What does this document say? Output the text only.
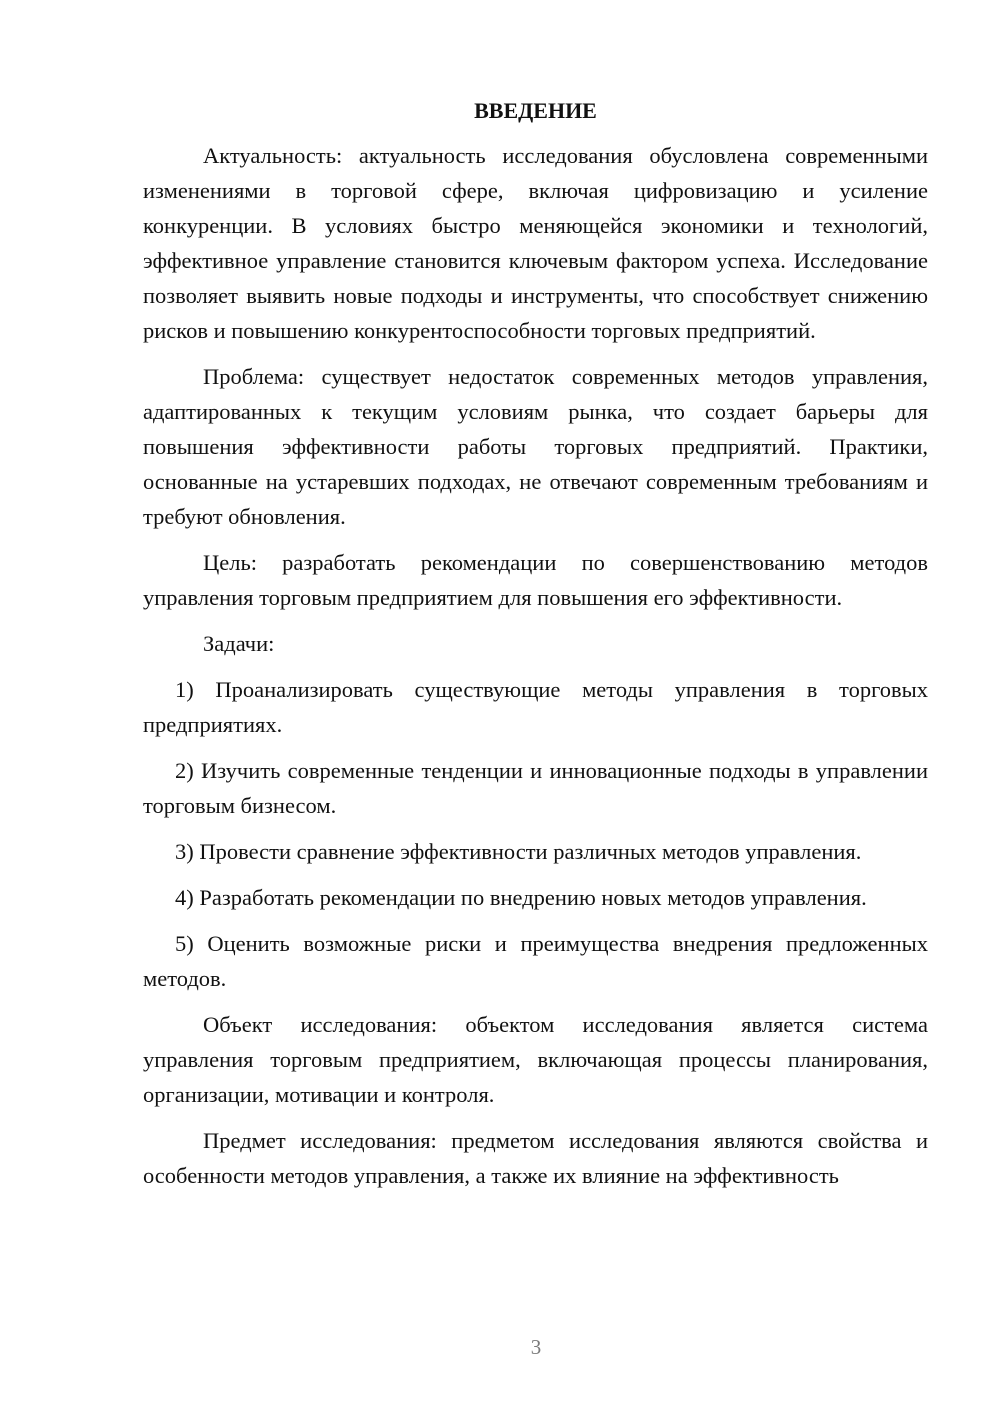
ВВЕДЕНИЕ
Актуальность: актуальность исследования обусловлена современными изменениями в торговой сфере, включая цифровизацию и усиление конкуренции. В условиях быстро меняющейся экономики и технологий, эффективное управление становится ключевым фактором успеха. Исследование позволяет выявить новые подходы и инструменты, что способствует снижению рисков и повышению конкурентоспособности торговых предприятий.
Проблема: существует недостаток современных методов управления, адаптированных к текущим условиям рынка, что создает барьеры для повышения эффективности работы торговых предприятий. Практики, основанные на устаревших подходах, не отвечают современным требованиям и требуют обновления.
Цель: разработать рекомендации по совершенствованию методов управления торговым предприятием для повышения его эффективности.
Задачи:
1) Проанализировать существующие методы управления в торговых предприятиях.
2) Изучить современные тенденции и инновационные подходы в управлении торговым бизнесом.
3) Провести сравнение эффективности различных методов управления.
4) Разработать рекомендации по внедрению новых методов управления.
5) Оценить возможные риски и преимущества внедрения предложенных методов.
Объект исследования: объектом исследования является система управления торговым предприятием, включающая процессы планирования, организации, мотивации и контроля.
Предмет исследования: предметом исследования являются свойства и особенности методов управления, а также их влияние на эффективность
3
